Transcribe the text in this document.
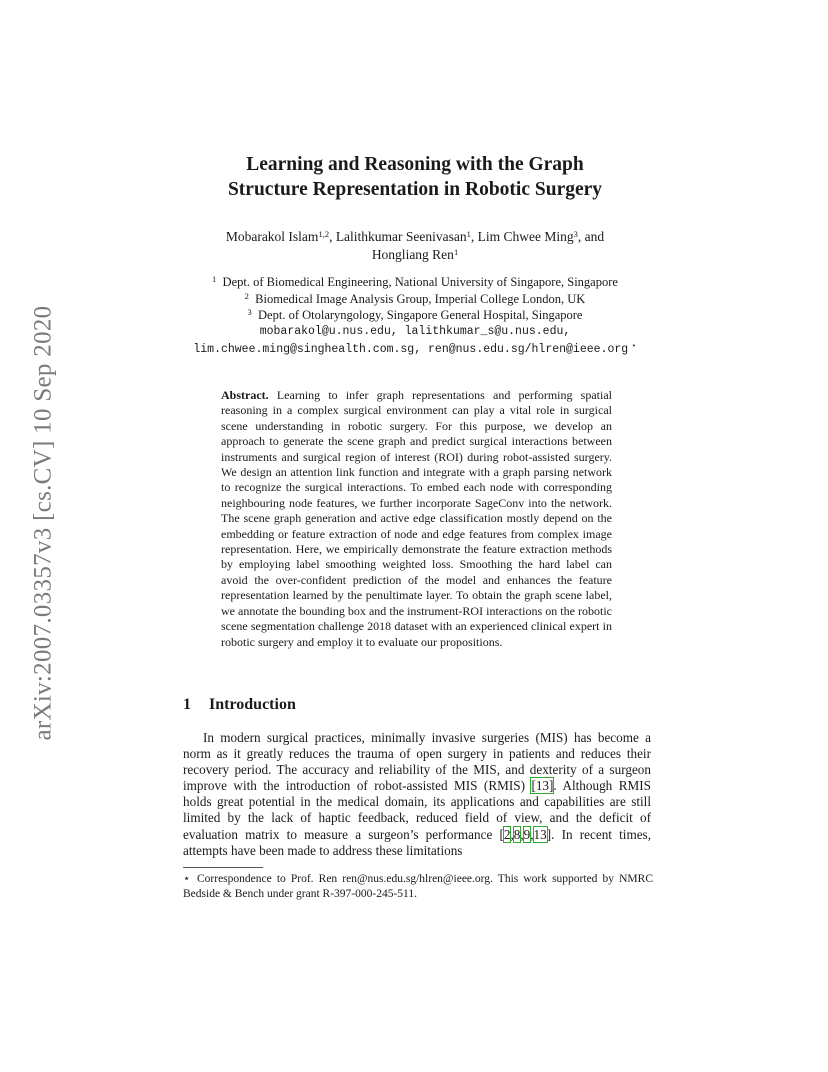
arXiv:2007.03357v3 [cs.CV] 10 Sep 2020
Learning and Reasoning with the Graph
Structure Representation in Robotic Surgery
Mobarakol Islam$^{1,2}$, Lalithkumar Seenivasan$^1$, Lim Chwee Ming$^3$, and
Hongliang Ren$^1$
$^1$ Dept. of Biomedical Engineering, National University of Singapore, Singapore
$^2$ Biomedical Image Analysis Group, Imperial College London, UK
$^3$ Dept. of Otolaryngology, Singapore General Hospital, Singapore
mobarakol@u.nus.edu, lalithkumar_s@u.nus.edu,
lim.chwee.ming@singhealth.com.sg, ren@nus.edu.sg/hlren@ieee.org ⋆
Abstract. Learning to infer graph representations and performing spatial reasoning in a complex surgical environment can play a vital role in surgical scene understanding in robotic surgery. For this purpose, we develop an approach to generate the scene graph and predict surgical interactions between instruments and surgical region of interest (ROI) during robot-assisted surgery. We design an attention link function and integrate with a graph parsing network to recognize the surgical interactions. To embed each node with corresponding neighbouring node features, we further incorporate SageConv into the network. The scene graph generation and active edge classification mostly depend on the embedding or feature extraction of node and edge features from complex image representation. Here, we empirically demonstrate the feature extraction methods by employing label smoothing weighted loss. Smoothing the hard label can avoid the over-confident prediction of the model and enhances the feature representation learned by the penultimate layer. To obtain the graph scene label, we annotate the bounding box and the instrument-ROI interactions on the robotic scene segmentation challenge 2018 dataset with an experienced clinical expert in robotic surgery and employ it to evaluate our propositions.
1 Introduction
In modern surgical practices, minimally invasive surgeries (MIS) has become a norm as it greatly reduces the trauma of open surgery in patients and reduces their recovery period. The accuracy and reliability of the MIS, and dexterity of a surgeon improve with the introduction of robot-assisted MIS (RMIS) [13]. Although RMIS holds great potential in the medical domain, its applications and capabilities are still limited by the lack of haptic feedback, reduced field of view, and the deficit of evaluation matrix to measure a surgeon’s performance [2,8,9,13]. In recent times, attempts have been made to address these limitations
⋆ Correspondence to Prof. Ren ren@nus.edu.sg/hlren@ieee.org. This work supported by NMRC Bedside & Bench under grant R-397-000-245-511.
